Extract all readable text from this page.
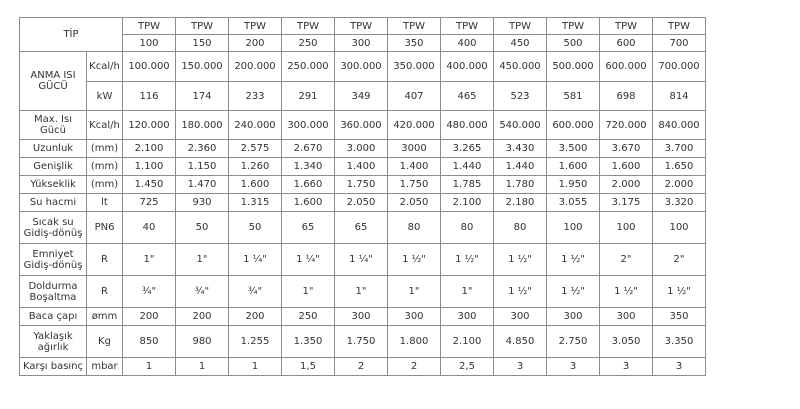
TİP		TPW	TPW	TPW	TPW	TPW	TPW	TPW	TPW	TPW	TPW	TPW
		100	150	200	250	300	350	400	450	500	600	700

ANMA ISI
GÜCÜ	Kcal/h	100.000	150.000	200.000	250.000	300.000	350.000	400.000	450.000	500.000	600.000	700.000
	kW	116	174	233	291	349	407	465	523	581	698	814

Max. Isı
Gücü	Kcal/h	120.000	180.000	240.000	300.000	360.000	420.000	480.000	540.000	600.000	720.000	840.000

Uzunluk	(mm)	2.100	2.360	2.575	2.670	3.000	3000	3.265	3.430	3.500	3.670	3.700

Genişlik	(mm)	1.100	1.150	1.260	1.340	1.400	1.400	1.440	1.440	1.600	1.600	1.650

Yükseklik	(mm)	1.450	1.470	1.600	1.660	1.750	1.750	1.785	1.780	1.950	2.000	2.000

Su hacmi	lt	725	930	1.315	1.600	2.050	2.050	2.100	2.180	3.055	3.175	3.320

Sıcak su
Gidiş-dönüş	PN6	40	50	50	65	65	80	80	80	100	100	100

Emniyet
Gidiş-dönüş	R	1"	1"	1 ¼"	1 ¼"	1 ¼"	1 ½"	1 ½"	1 ½"	1 ½"	2"	2"

Doldurma
Boşaltma	R	¾"	¾"	¾"	1"	1"	1"	1"	1 ½"	1 ½"	1 ½"	1 ½"

Baca çapı	ømm	200	200	200	250	300	300	300	300	300	300	350

Yaklaşık
ağırlık	Kg	850	980	1.255	1.350	1.750	1.800	2.100	4.850	2.750	3.050	3.350

Karşı basınç	mbar	1	1	1	1,5	2	2	2,5	3	3	3	3
